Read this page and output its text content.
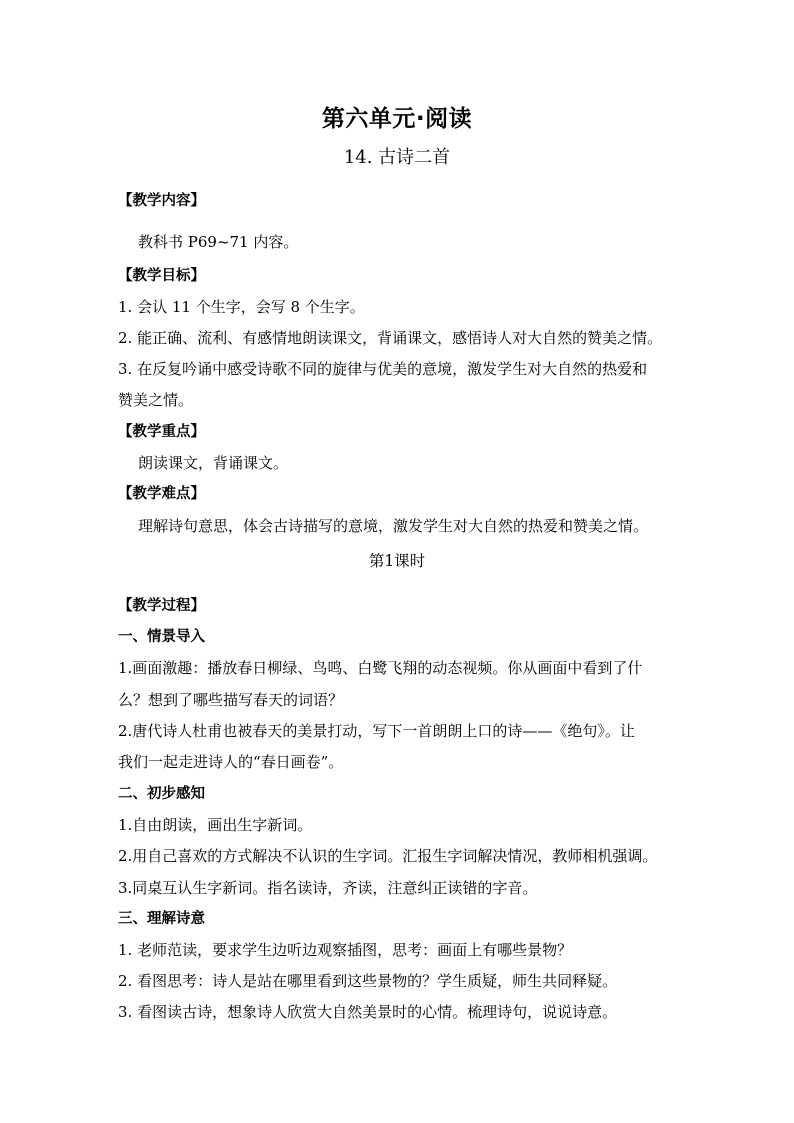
第六单元·阅读
14. 古诗二首
【教学内容】
教科书 P69~71 内容。
【教学目标】
1. 会认 11 个生字，会写 8 个生字。
2. 能正确、流利、有感情地朗读课文，背诵课文，感悟诗人对大自然的赞美之情。
3. 在反复吟诵中感受诗歌不同的旋律与优美的意境，激发学生对大自然的热爱和
赞美之情。
【教学重点】
朗读课文，背诵课文。
【教学难点】
理解诗句意思，体会古诗描写的意境，激发学生对大自然的热爱和赞美之情。
第1课时
【教学过程】
一、情景导入
1.画面激趣：播放春日柳绿、鸟鸣、白鹭飞翔的动态视频。你从画面中看到了什
么？想到了哪些描写春天的词语？
2.唐代诗人杜甫也被春天的美景打动，写下一首朗朗上口的诗——《绝句》。让
我们一起走进诗人的“春日画卷”。
二、初步感知
1.自由朗读，画出生字新词。
2.用自己喜欢的方式解决不认识的生字词。汇报生字词解决情况，教师相机强调。
3.同桌互认生字新词。指名读诗，齐读，注意纠正读错的字音。
三、理解诗意
1. 老师范读，要求学生边听边观察插图，思考：画面上有哪些景物？
2. 看图思考：诗人是站在哪里看到这些景物的？学生质疑，师生共同释疑。
3. 看图读古诗，想象诗人欣赏大自然美景时的心情。梳理诗句，说说诗意。
